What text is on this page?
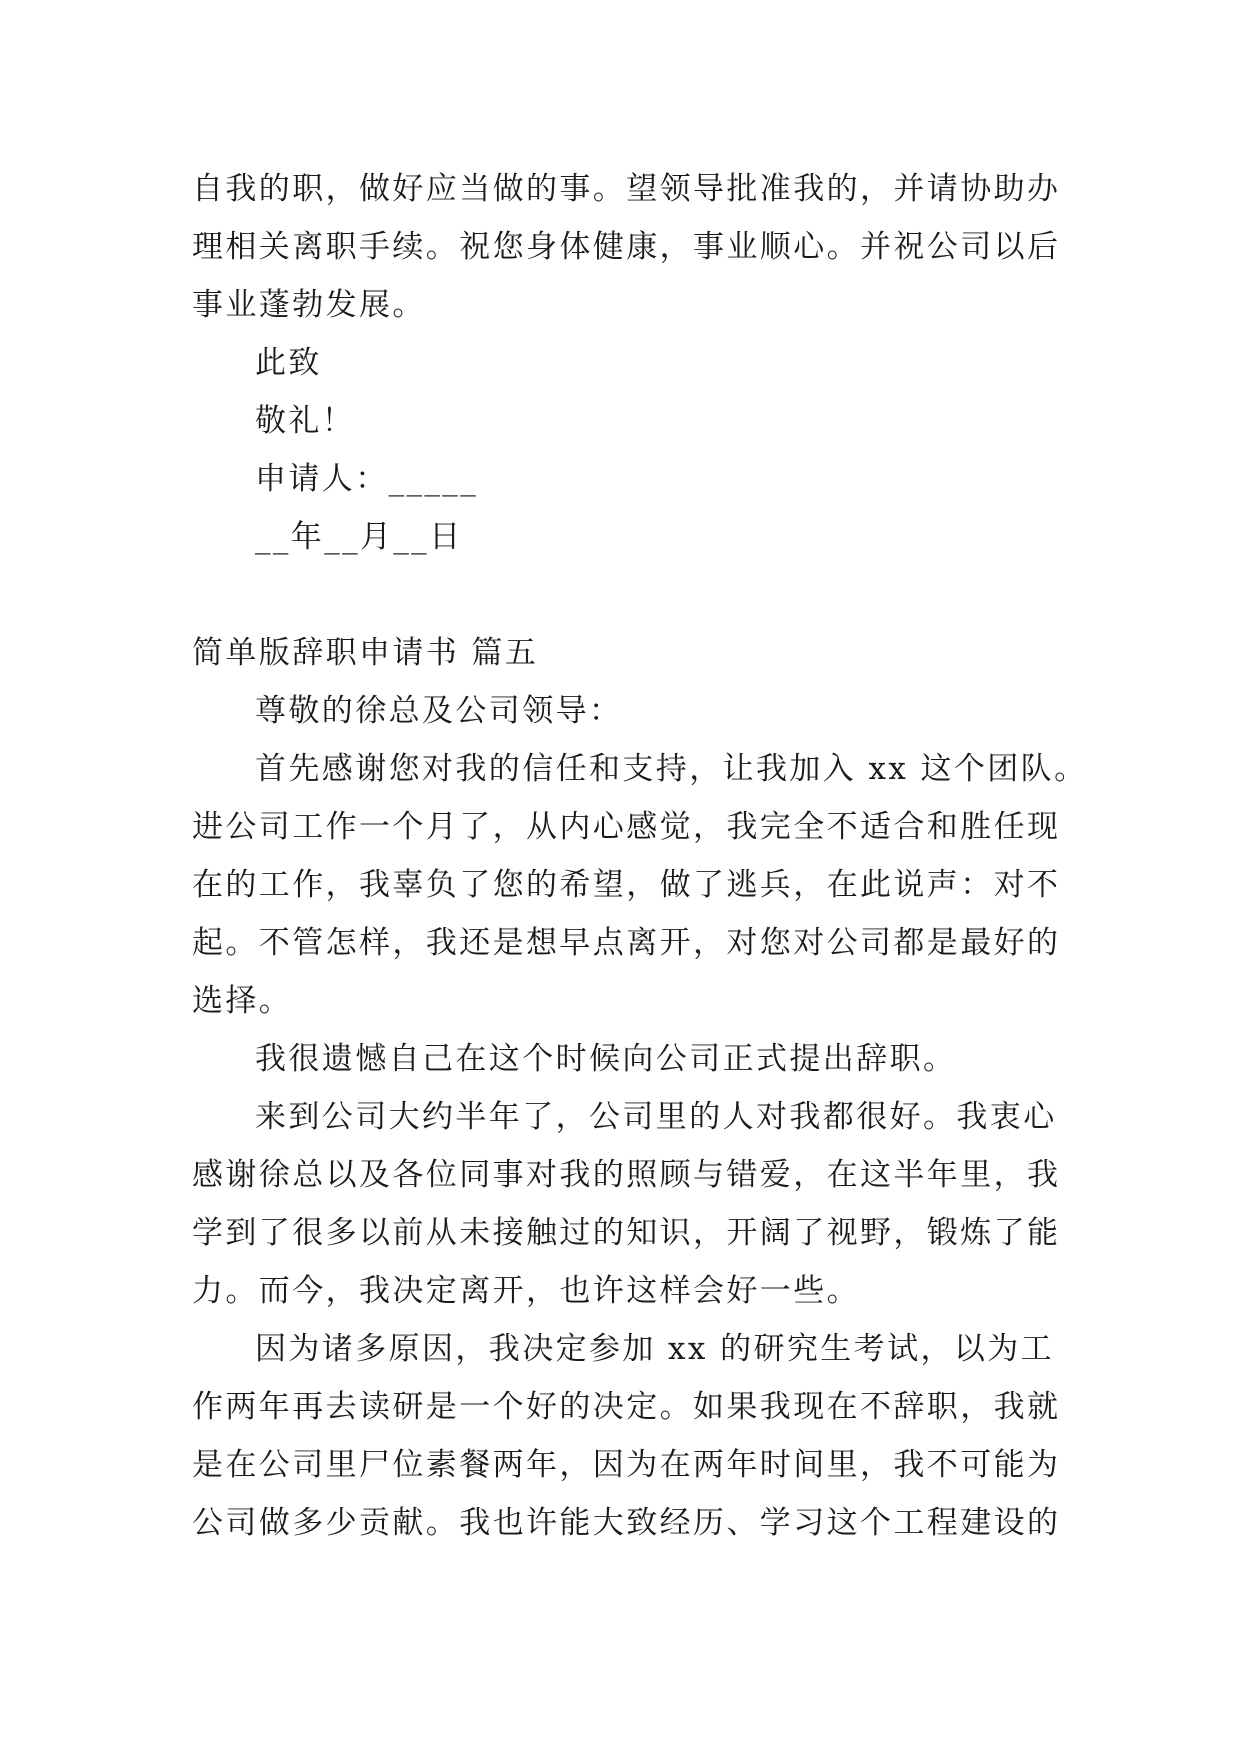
自我的职，做好应当做的事。望领导批准我的，并请协助办
理相关离职手续。祝您身体健康，事业顺心。并祝公司以后
事业蓬勃发展。
此致
敬礼！
申请人：_____
__年__月__日
简单版辞职申请书 篇五
尊敬的徐总及公司领导：
首先感谢您对我的信任和支持，让我加入 xx 这个团队。
进公司工作一个月了，从内心感觉，我完全不适合和胜任现
在的工作，我辜负了您的希望，做了逃兵，在此说声：对不
起。不管怎样，我还是想早点离开，对您对公司都是最好的
选择。
我很遗憾自己在这个时候向公司正式提出辞职。
来到公司大约半年了，公司里的人对我都很好。我衷心
感谢徐总以及各位同事对我的照顾与错爱，在这半年里，我
学到了很多以前从未接触过的知识，开阔了视野，锻炼了能
力。而今，我决定离开，也许这样会好一些。
因为诸多原因，我决定参加 xx 的研究生考试，以为工
作两年再去读研是一个好的决定。如果我现在不辞职，我就
是在公司里尸位素餐两年，因为在两年时间里，我不可能为
公司做多少贡献。我也许能大致经历、学习这个工程建设的
